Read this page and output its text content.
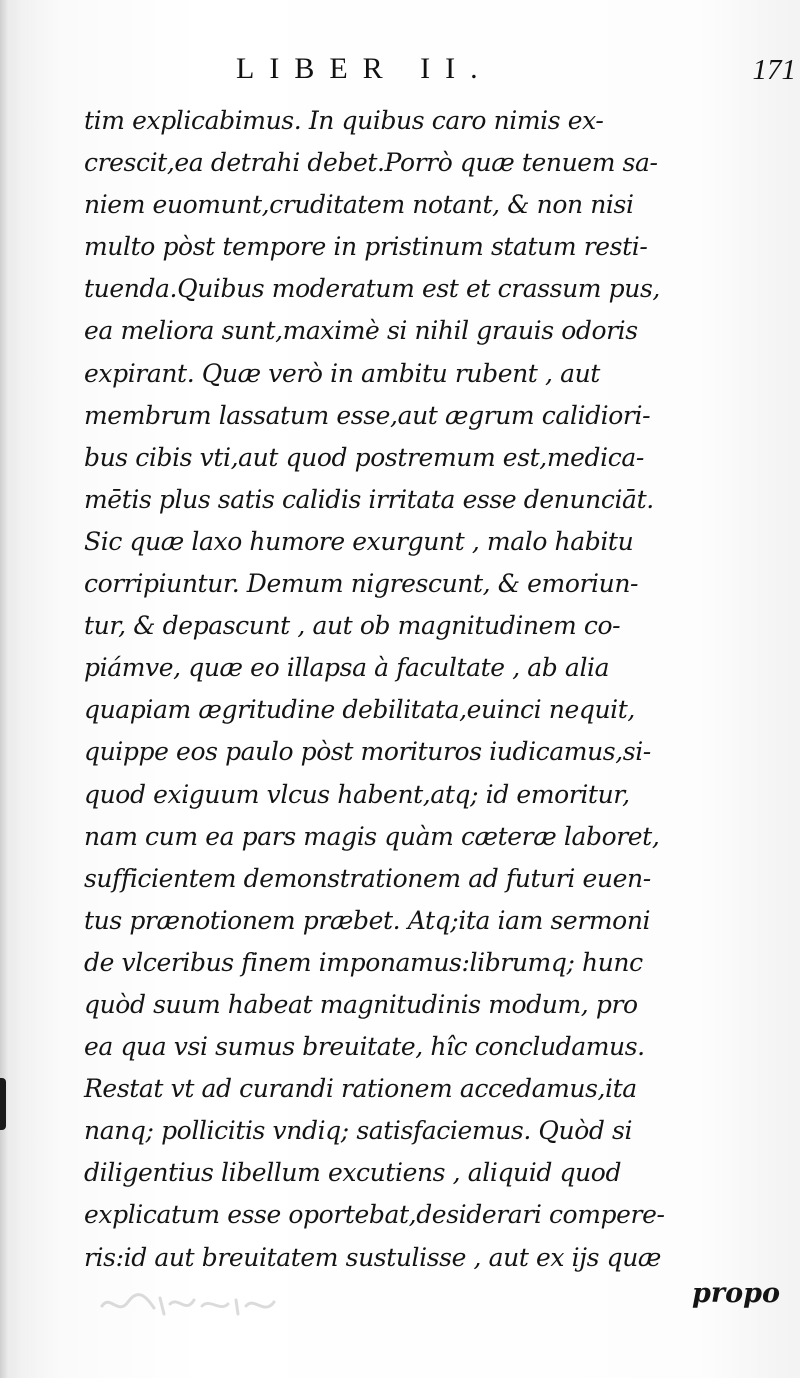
LIBER II.	171
tim explicabimus. In quibus caro nimis ex-
crescit,ea detrahi debet.Porrò quæ tenuem sa-
niem euomunt,cruditatem notant, & non nisi
multo pòst tempore in pristinum statum resti-
tuenda.Quibus moderatum est et crassum pus,
ea meliora sunt,maximè si nihil grauis odoris
expirant. Quæ verò in ambitu rubent , aut
membrum lassatum esse,aut ægrum calidiori-
bus cibis vti,aut quod postremum est,medica-
mētis plus satis calidis irritata esse denunciāt.
Sic quæ laxo humore exurgunt , malo habitu
corripiuntur. Demum nigrescunt, & emoriun-
tur, & depascunt , aut ob magnitudinem co-
piámve, quæ eo illapsa à facultate , ab alia
quapiam ægritudine debilitata,euinci nequit,
quippe eos paulo pòst morituros iudicamus,si-
quod exiguum vlcus habent,atq; id emoritur,
nam cum ea pars magis quàm cæteræ laboret,
sufficientem demonstrationem ad futuri euen-
tus prænotionem præbet. Atq;ita iam sermoni
de vlceribus finem imponamus:librumq; hunc
quòd suum habeat magnitudinis modum, pro
ea qua vsi sumus breuitate, hîc concludamus.
Restat vt ad curandi rationem accedamus,ita
nanq; pollicitis vndiq; satisfaciemus. Quòd si
diligentius libellum excutiens , aliquid quod
explicatum esse oportebat,desiderari compere-
ris:id aut breuitatem sustulisse , aut ex ijs quæ
propo
